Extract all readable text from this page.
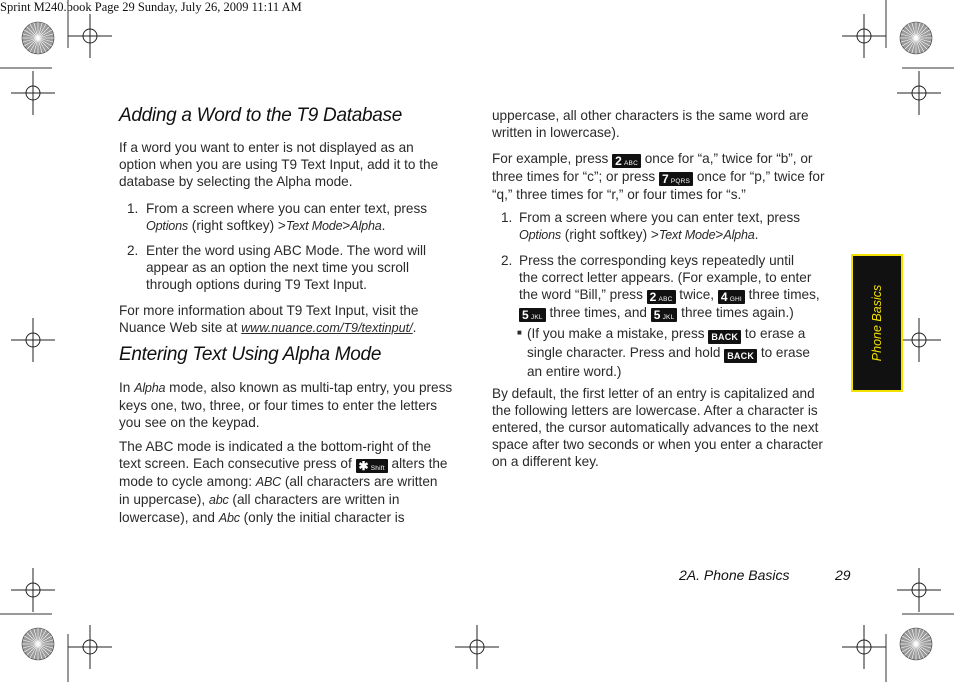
Sprint M240.book Page 29 Sunday, July 26, 2009 11:11 AM
Adding a Word to the T9 Database

If a word you want to enter is not displayed as an

option when you are using T9 Text Input, add it to the

database by selecting the Alpha mode.

1. From a screen where you can enter text, press

Options (right softkey) >Text Mode>Alpha.

2. Enter the word using ABC Mode. The word will

appear as an option the next time you scroll

through options during T9 Text Input.

For more information about T9 Text Input, visit the

Nuance Web site at www.nuance.com/T9/textinput/.

Entering Text Using Alpha Mode

In Alpha mode, also known as multi-tap entry, you press

keys one, two, three, or four times to enter the letters

you see on the keypad.

The ABC mode is indicated a the bottom-right of the

text screen. Each consecutive press of ✱ Shift alters the

mode to cycle among: ABC (all characters are written

in uppercase), abc (all characters are written in

lowercase), and Abc (only the initial character is

uppercase, all other characters is the same word are

written in lowercase).

For example, press 2 ABC once for “a,” twice for “b”, or

three times for “c”; or press 7 PQRS once for “p,” twice for

“q,” three times for “r,” or four times for “s.”

1. From a screen where you can enter text, press

Options (right softkey) >Text Mode>Alpha.

2. Press the corresponding keys repeatedly until

the correct letter appears. (For example, to enter

the word “Bill,” press 2 ABC twice, 4 GHI three times,

5 JKL three times, and 5 JKL three times again.)

■ (If you make a mistake, press BACK to erase a

single character. Press and hold BACK to erase

an entire word.)

By default, the first letter of an entry is capitalized and

the following letters are lowercase. After a character is

entered, the cursor automatically advances to the next

space after two seconds or when you enter a character

on a different key.

Phone Basics
2A. Phone Basics	29
